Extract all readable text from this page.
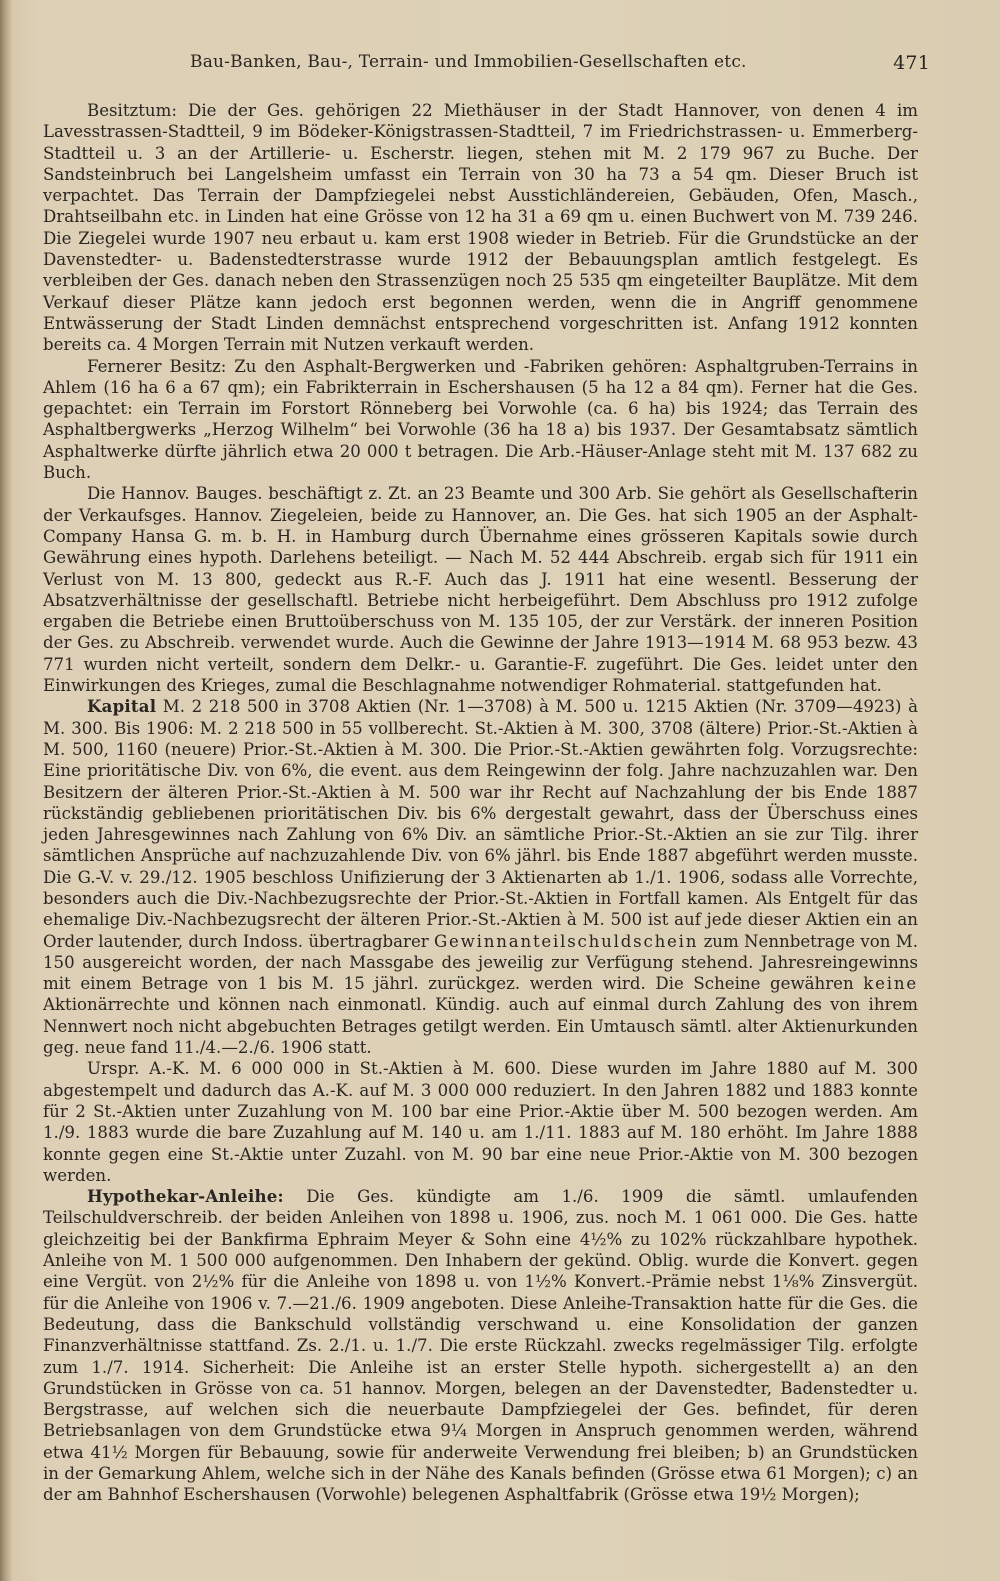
Bau-Banken, Bau-, Terrain- und Immobilien-Gesellschaften etc.	471

Besitztum: Die der Ges. gehörigen 22 Miethäuser in der Stadt Hannover, von denen 4 im Lavesstrassen-Stadtteil, 9 im Bödeker-Königstrassen-Stadtteil, 7 im Friedrichstrassen- u. Emmerberg-Stadtteil u. 3 an der Artillerie- u. Escherstr. liegen, stehen mit M. 2 179 967 zu Buche. Der Sandsteinbruch bei Langelsheim umfasst ein Terrain von 30 ha 73 a 54 qm. Dieser Bruch ist verpachtet. Das Terrain der Dampfziegelei nebst Ausstichländereien, Gebäuden, Ofen, Masch., Drahtseilbahn etc. in Linden hat eine Grösse von 12 ha 31 a 69 qm u. einen Buchwert von M. 739 246. Die Ziegelei wurde 1907 neu erbaut u. kam erst 1908 wieder in Betrieb. Für die Grundstücke an der Davenstedter- u. Badenstedterstrasse wurde 1912 der Bebauungsplan amtlich festgelegt. Es verbleiben der Ges. danach neben den Strassenzügen noch 25 535 qm eingeteilter Bauplätze. Mit dem Verkauf dieser Plätze kann jedoch erst begonnen werden, wenn die in Angriff genommene Entwässerung der Stadt Linden demnächst entsprechend vorgeschritten ist. Anfang 1912 konnten bereits ca. 4 Morgen Terrain mit Nutzen verkauft werden.

Fernerer Besitz: Zu den Asphalt-Bergwerken und -Fabriken gehören: Asphaltgruben-Terrains in Ahlem (16 ha 6 a 67 qm); ein Fabrikterrain in Eschershausen (5 ha 12 a 84 qm). Ferner hat die Ges. gepachtet: ein Terrain im Forstort Rönneberg bei Vorwohle (ca. 6 ha) bis 1924; das Terrain des Asphaltbergwerks „Herzog Wilhelm“ bei Vorwohle (36 ha 18 a) bis 1937. Der Gesamtabsatz sämtlich Asphaltwerke dürfte jährlich etwa 20 000 t betragen. Die Arb.-Häuser-Anlage steht mit M. 137 682 zu Buch.

Die Hannov. Bauges. beschäftigt z. Zt. an 23 Beamte und 300 Arb. Sie gehört als Gesellschafterin der Verkaufsges. Hannov. Ziegeleien, beide zu Hannover, an. Die Ges. hat sich 1905 an der Asphalt-Company Hansa G. m. b. H. in Hamburg durch Übernahme eines grösseren Kapitals sowie durch Gewährung eines hypoth. Darlehens beteiligt. — Nach M. 52 444 Abschreib. ergab sich für 1911 ein Verlust von M. 13 800, gedeckt aus R.-F. Auch das J. 1911 hat eine wesentl. Besserung der Absatzverhältnisse der gesellschaftl. Betriebe nicht herbeigeführt. Dem Abschluss pro 1912 zufolge ergaben die Betriebe einen Bruttoüberschuss von M. 135 105, der zur Verstärk. der inneren Position der Ges. zu Abschreib. verwendet wurde. Auch die Gewinne der Jahre 1913—1914 M. 68 953 bezw. 43 771 wurden nicht verteilt, sondern dem Delkr.- u. Garantie-F. zugeführt. Die Ges. leidet unter den Einwirkungen des Krieges, zumal die Beschlagnahme notwendiger Rohmaterial. stattgefunden hat.

Kapital M. 2 218 500 in 3708 Aktien (Nr. 1—3708) à M. 500 u. 1215 Aktien (Nr. 3709—4923) à M. 300. Bis 1906: M. 2 218 500 in 55 vollberecht. St.-Aktien à M. 300, 3708 (ältere) Prior.-St.-Aktien à M. 500, 1160 (neuere) Prior.-St.-Aktien à M. 300. Die Prior.-St.-Aktien gewährten folg. Vorzugsrechte: Eine prioritätische Div. von 6%, die event. aus dem Reingewinn der folg. Jahre nachzuzahlen war. Den Besitzern der älteren Prior.-St.-Aktien à M. 500 war ihr Recht auf Nachzahlung der bis Ende 1887 rückständig gebliebenen prioritätischen Div. bis 6% dergestalt gewahrt, dass der Überschuss eines jeden Jahresgewinnes nach Zahlung von 6% Div. an sämtliche Prior.-St.-Aktien an sie zur Tilg. ihrer sämtlichen Ansprüche auf nachzuzahlende Div. von 6% jährl. bis Ende 1887 abgeführt werden musste. Die G.-V. v. 29./12. 1905 beschloss Unifizierung der 3 Aktienarten ab 1./1. 1906, sodass alle Vorrechte, besonders auch die Div.-Nachbezugsrechte der Prior.-St.-Aktien in Fortfall kamen. Als Entgelt für das ehemalige Div.-Nachbezugsrecht der älteren Prior.-St.-Aktien à M. 500 ist auf jede dieser Aktien ein an Order lautender, durch Indoss. übertragbarer Gewinnanteilschuldschein zum Nennbetrage von M. 150 ausgereicht worden, der nach Massgabe des jeweilig zur Verfügung stehend. Jahresreingewinns mit einem Betrage von 1 bis M. 15 jährl. zurückgez. werden wird. Die Scheine gewähren keine Aktionärrechte und können nach einmonatl. Kündig. auch auf einmal durch Zahlung des von ihrem Nennwert noch nicht abgebuchten Betrages getilgt werden. Ein Umtausch sämtl. alter Aktienurkunden geg. neue fand 11./4.—2./6. 1906 statt.

Urspr. A.-K. M. 6 000 000 in St.-Aktien à M. 600. Diese wurden im Jahre 1880 auf M. 300 abgestempelt und dadurch das A.-K. auf M. 3 000 000 reduziert. In den Jahren 1882 und 1883 konnte für 2 St.-Aktien unter Zuzahlung von M. 100 bar eine Prior.-Aktie über M. 500 bezogen werden. Am 1./9. 1883 wurde die bare Zuzahlung auf M. 140 u. am 1./11. 1883 auf M. 180 erhöht. Im Jahre 1888 konnte gegen eine St.-Aktie unter Zuzahl. von M. 90 bar eine neue Prior.-Aktie von M. 300 bezogen werden.

Hypothekar-Anleihe: Die Ges. kündigte am 1./6. 1909 die sämtl. umlaufenden Teilschuldverschreib. der beiden Anleihen von 1898 u. 1906, zus. noch M. 1 061 000. Die Ges. hatte gleichzeitig bei der Bankfirma Ephraim Meyer & Sohn eine 4½% zu 102% rückzahlbare hypothek. Anleihe von M. 1 500 000 aufgenommen. Den Inhabern der gekünd. Oblig. wurde die Konvert. gegen eine Vergüt. von 2½% für die Anleihe von 1898 u. von 1½% Konvert.-Prämie nebst 1⅛% Zinsvergüt. für die Anleihe von 1906 v. 7.—21./6. 1909 angeboten. Diese Anleihe-Transaktion hatte für die Ges. die Bedeutung, dass die Bankschuld vollständig verschwand u. eine Konsolidation der ganzen Finanzverhältnisse stattfand. Zs. 2./1. u. 1./7. Die erste Rückzahl. zwecks regelmässiger Tilg. erfolgte zum 1./7. 1914. Sicherheit: Die Anleihe ist an erster Stelle hypoth. sichergestellt a) an den Grundstücken in Grösse von ca. 51 hannov. Morgen, belegen an der Davenstedter, Badenstedter u. Bergstrasse, auf welchen sich die neuerbaute Dampfziegelei der Ges. befindet, für deren Betriebsanlagen von dem Grundstücke etwa 9¼ Morgen in Anspruch genommen werden, während etwa 41½ Morgen für Bebauung, sowie für anderweite Verwendung frei bleiben; b) an Grundstücken in der Gemarkung Ahlem, welche sich in der Nähe des Kanals befinden (Grösse etwa 61 Morgen); c) an der am Bahnhof Eschershausen (Vorwohle) belegenen Asphaltfabrik (Grösse etwa 19½ Morgen);
